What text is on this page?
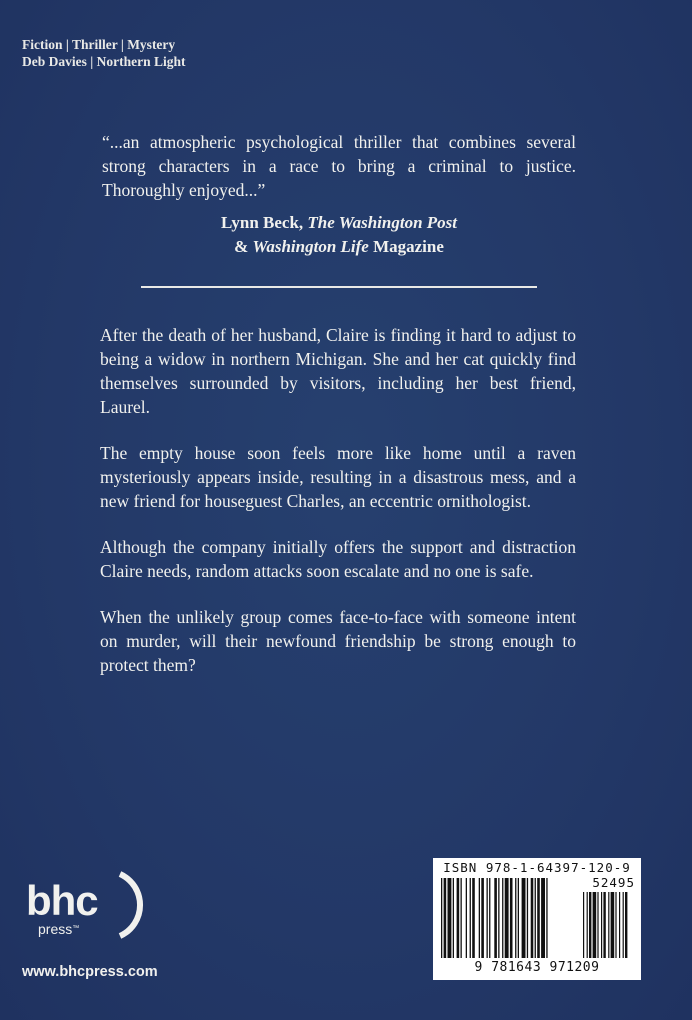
Fiction | Thriller | Mystery
Deb Davies | Northern Light
“...an atmospheric psychological thriller that combines several strong characters in a race to bring a criminal to justice. Thoroughly enjoyed...”
Lynn Beck, The Washington Post
& Washington Life Magazine

After the death of her husband, Claire is finding it hard to adjust to being a widow in northern Michigan. She and her cat quickly find themselves surrounded by visitors, including her best friend, Laurel.

The empty house soon feels more like home until a raven mysteriously appears inside, resulting in a disastrous mess, and a new friend for houseguest Charles, an eccentric ornithologist.

Although the company initially offers the support and distraction Claire needs, random attacks soon escalate and no one is safe.

When the unlikely group comes face-to-face with someone intent on murder, will their newfound friendship be strong enough to protect them?

bhc
press™
www.bhcpress.com
ISBN 978-1-64397-120-9
52495
9 781643 971209
